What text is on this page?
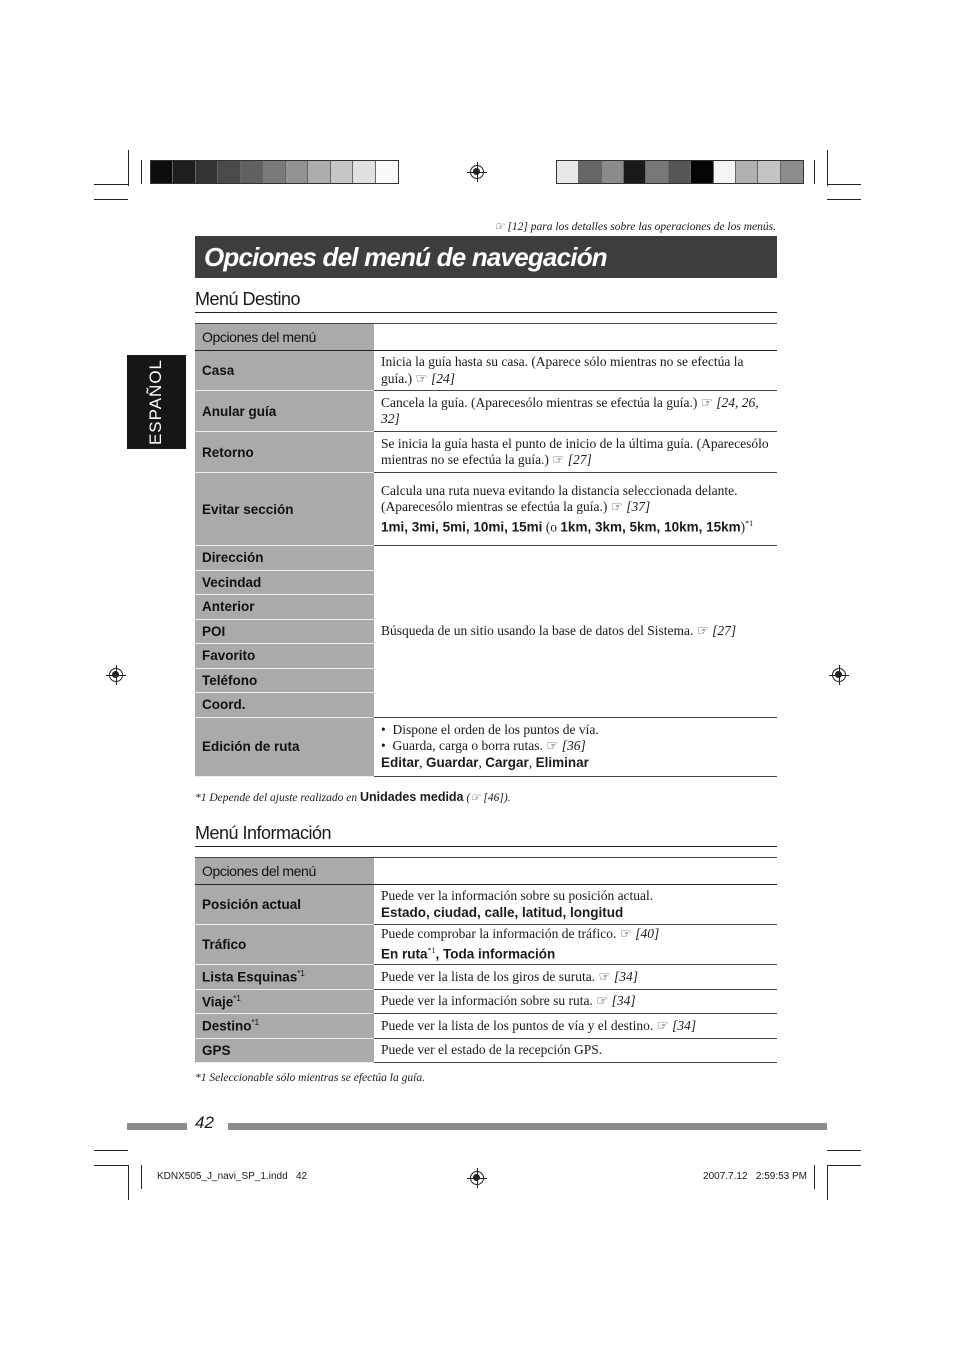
☞ [12] para los detalles sobre las operaciones de los menús.
Opciones del menú de navegación
ESPAÑOL
Menú Destino
Opciones del menú	
Casa	Inicia la guía hasta su casa. (Aparece sólo mientras no se efectúa la guía.) ☞ [24]
Anular guía	Cancela la guía. (Aparecesólo mientras se efectúa la guía.) ☞ [24, 26, 32]
Retorno	Se inicia la guía hasta el punto de inicio de la última guía. (Aparecesólo mientras no se efectúa la guía.) ☞ [27]
Evitar sección	Calcula una ruta nueva evitando la distancia seleccionada delante. (Aparecesólo mientras se efectúa la guía.) ☞ [37]
1mi, 3mi, 5mi, 10mi, 15mi (o 1km, 3km, 5km, 10km, 15km)$^{*1}$
Dirección	Búsqueda de un sitio usando la base de datos del Sistema. ☞ [27]
Vecindad	
Anterior	
POI	
Favorito	
Teléfono	
Coord.	
Edición de ruta	•  Dispone el orden de los puntos de vía.
•  Guarda, carga o borra rutas. ☞ [36]
Editar, Guardar, Cargar, Eliminar
*1 Depende del ajuste realizado en Unidades medida (☞ [46]).
Menú Información
Opciones del menú	
Posición actual	Puede ver la información sobre su posición actual.
Estado, ciudad, calle, latitud, longitud
Tráfico	Puede comprobar la información de tráfico. ☞ [40]
En ruta$^{*1}$, Toda información
Lista Esquinas$^{*1}$	Puede ver la lista de los giros de suruta. ☞ [34]
Viaje$^{*1}$	Puede ver la información sobre su ruta. ☞ [34]
Destino$^{*1}$	Puede ver la lista de los puntos de vía y el destino. ☞ [34]
GPS	Puede ver el estado de la recepción GPS.
*1 Seleccionable sólo mientras se efectúa la guía.
42
KDNX505_J_navi_SP_1.indd   42	2007.7.12   2:59:53 PM
